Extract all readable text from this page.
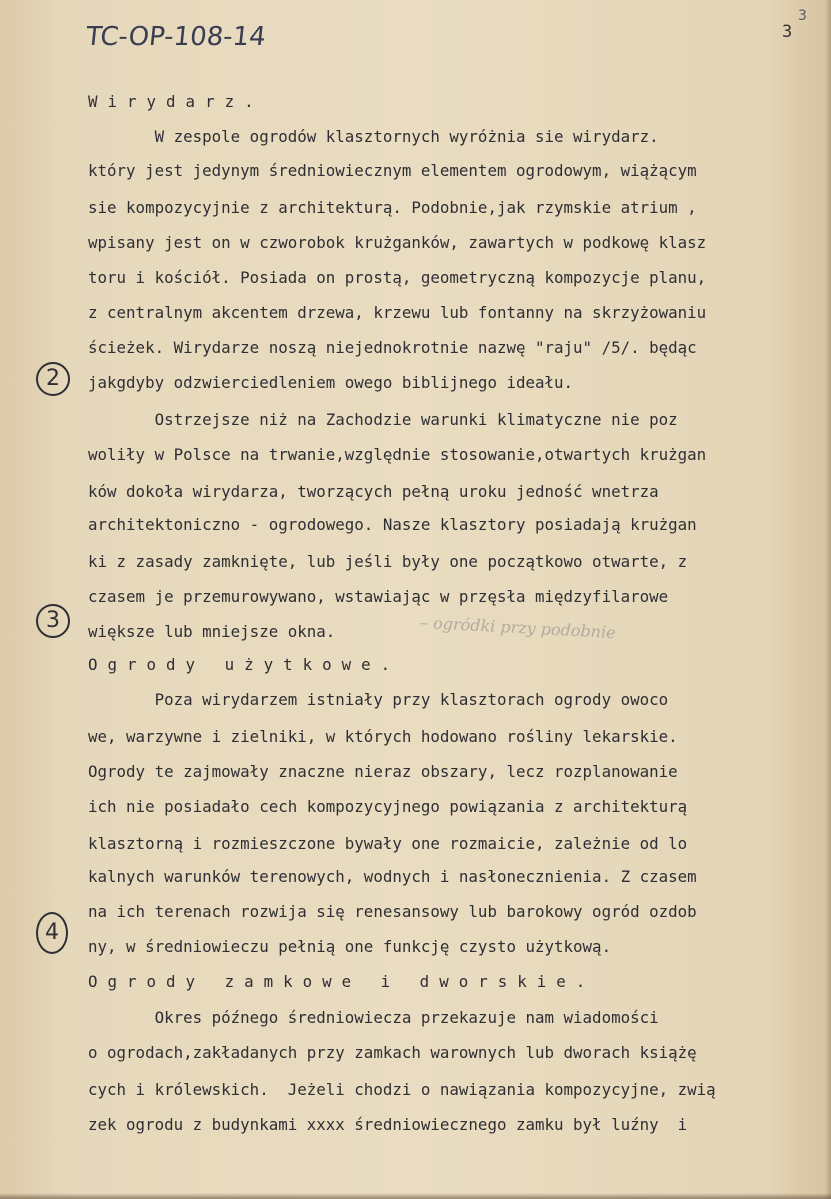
TC-OP-108-14	3
3
2
3
4
– ogródki przy podobnie
Wirydarz.
W zespole ogrodów klasztornych wyróżnia sie wirydarz.
który jest jedynym średniowiecznym elementem ogrodowym, wiążącym
sie kompozycyjnie z architekturą. Podobnie,jak rzymskie atrium ,
wpisany jest on w czworobok krużganków, zawartych w podkowę klasz
toru i kościół. Posiada on prostą, geometryczną kompozycje planu,
z centralnym akcentem drzewa, krzewu lub fontanny na skrzyżowaniu
ścieżek. Wirydarze noszą niejednokrotnie nazwę "raju" /5/. będąc
jakgdyby odzwierciedleniem owego biblijnego ideału.
Ostrzejsze niż na Zachodzie warunki klimatyczne nie poz
woliły w Polsce na trwanie,względnie stosowanie,otwartych krużgan
ków dokoła wirydarza, tworzących pełną uroku jedność wnetrza
architektoniczno - ogrodowego. Nasze klasztory posiadają krużgan
ki z zasady zamknięte, lub jeśli były one początkowo otwarte, z
czasem je przemurowywano, wstawiając w przęsła międzyfilarowe
większe lub mniejsze okna.
Ogrody użytkowe.
Poza wirydarzem istniały przy klasztorach ogrody owoco
we, warzywne i zielniki, w których hodowano rośliny lekarskie.
Ogrody te zajmowały znaczne nieraz obszary, lecz rozplanowanie
ich nie posiadało cech kompozycyjnego powiązania z architekturą
klasztorną i rozmieszczone bywały one rozmaicie, zależnie od lo
kalnych warunków terenowych, wodnych i nasłonecznienia. Z czasem
na ich terenach rozwija się renesansowy lub barokowy ogród ozdob
ny, w średniowieczu pełnią one funkcję czysto użytkową.
Ogrody zamkowe i dworskie.
Okres późnego średniowiecza przekazuje nam wiadomości
o ogrodach,zakładanych przy zamkach warownych lub dworach książę
cych i królewskich.  Jeżeli chodzi o nawiązania kompozycyjne, zwią
zek ogrodu z budynkami xxxx średniowiecznego zamku był luźny  i
